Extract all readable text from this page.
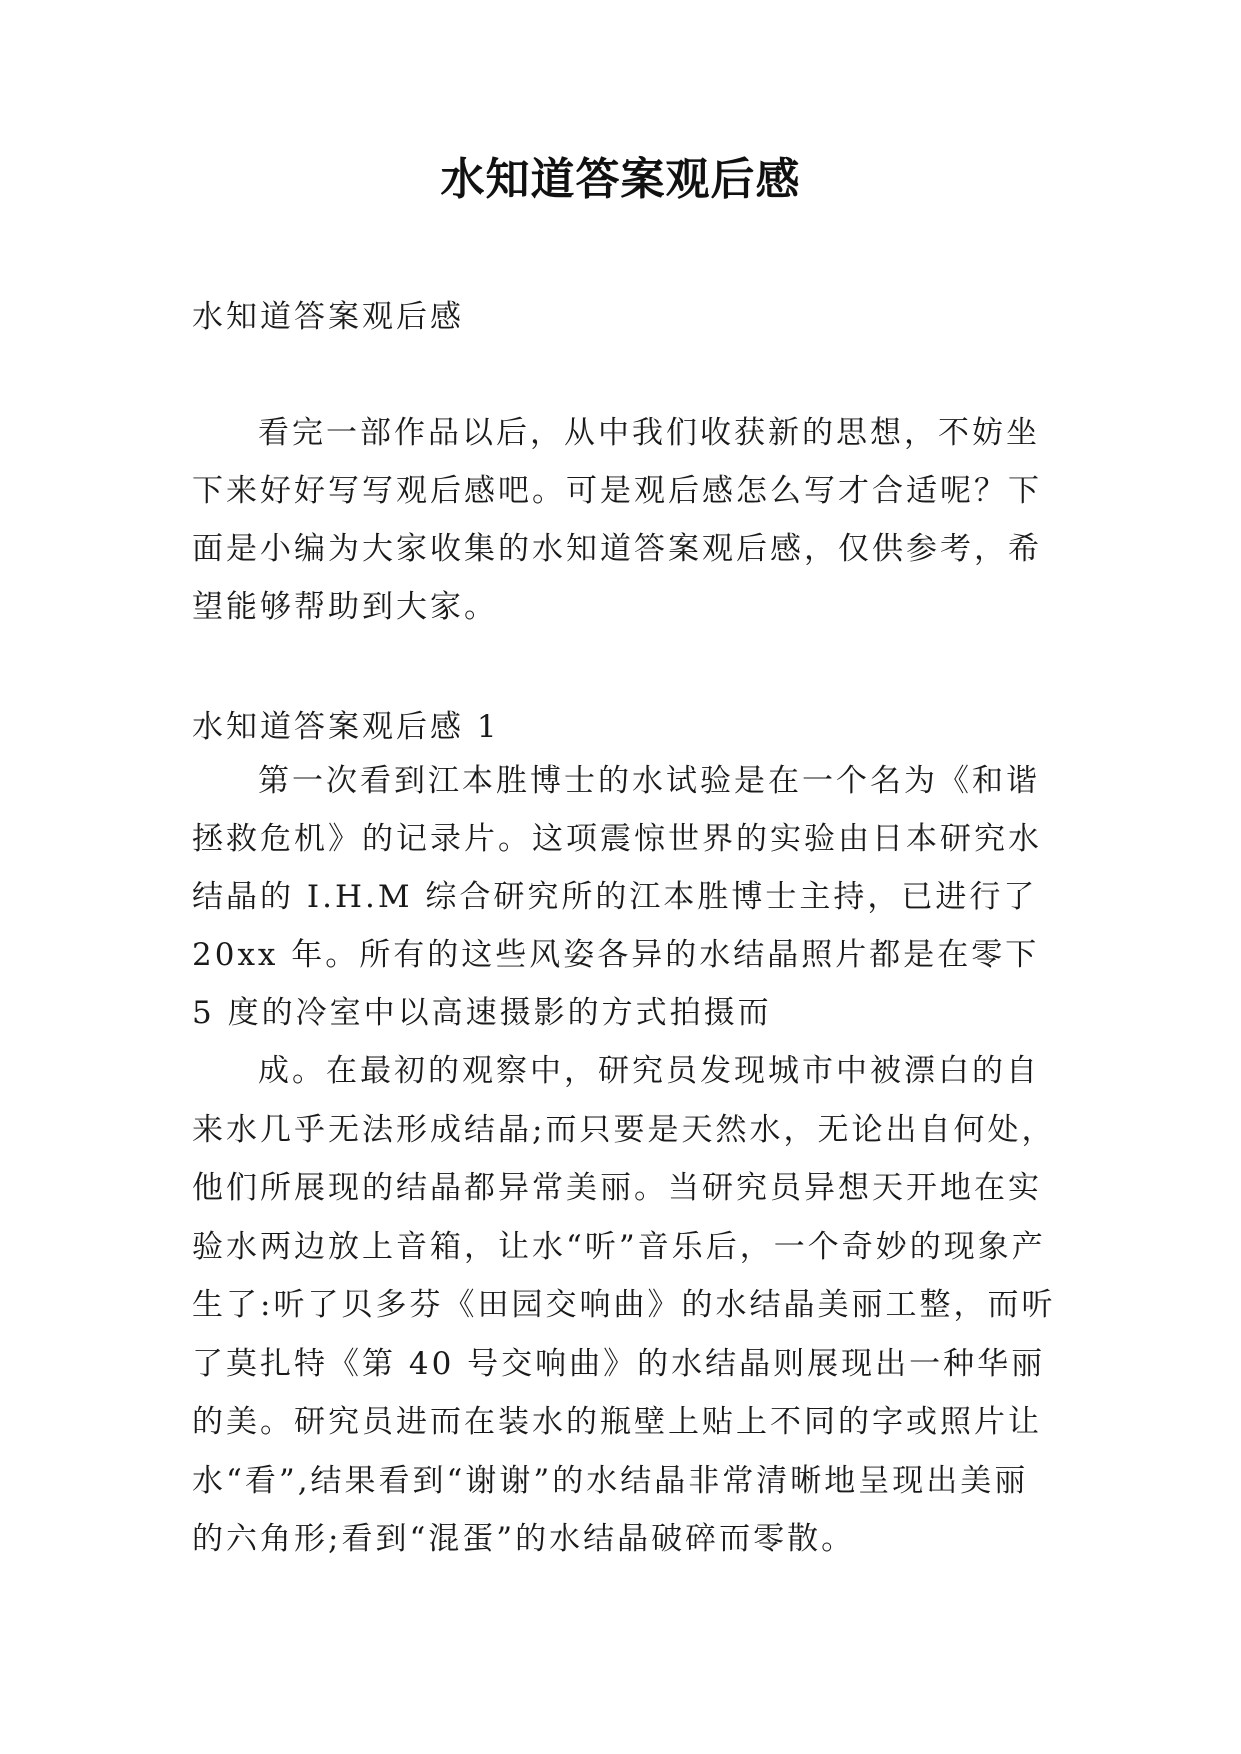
水知道答案观后感

水知道答案观后感

看完一部作品以后，从中我们收获新的思想，不妨坐下来好好写写观后感吧。可是观后感怎么写才合适呢？下面是小编为大家收集的水知道答案观后感，仅供参考，希望能够帮助到大家。

水知道答案观后感 1

第一次看到江本胜博士的水试验是在一个名为《和谐拯救危机》的记录片。这项震惊世界的实验由日本研究水结晶的 I.H.M 综合研究所的江本胜博士主持，已进行了 20xx 年。所有的这些风姿各异的水结晶照片都是在零下 5 度的冷室中以高速摄影的方式拍摄而

成。在最初的观察中，研究员发现城市中被漂白的自来水几乎无法形成结晶;而只要是天然水，无论出自何处，他们所展现的结晶都异常美丽。当研究员异想天开地在实验水两边放上音箱，让水“听”音乐后，一个奇妙的现象产生了:听了贝多芬《田园交响曲》的水结晶美丽工整，而听了莫扎特《第 40 号交响曲》的水结晶则展现出一种华丽的美。研究员进而在装水的瓶壁上贴上不同的字或照片让水“看”,结果看到“谢谢”的水结晶非常清晰地呈现出美丽的六角形;看到“混蛋”的水结晶破碎而零散。
